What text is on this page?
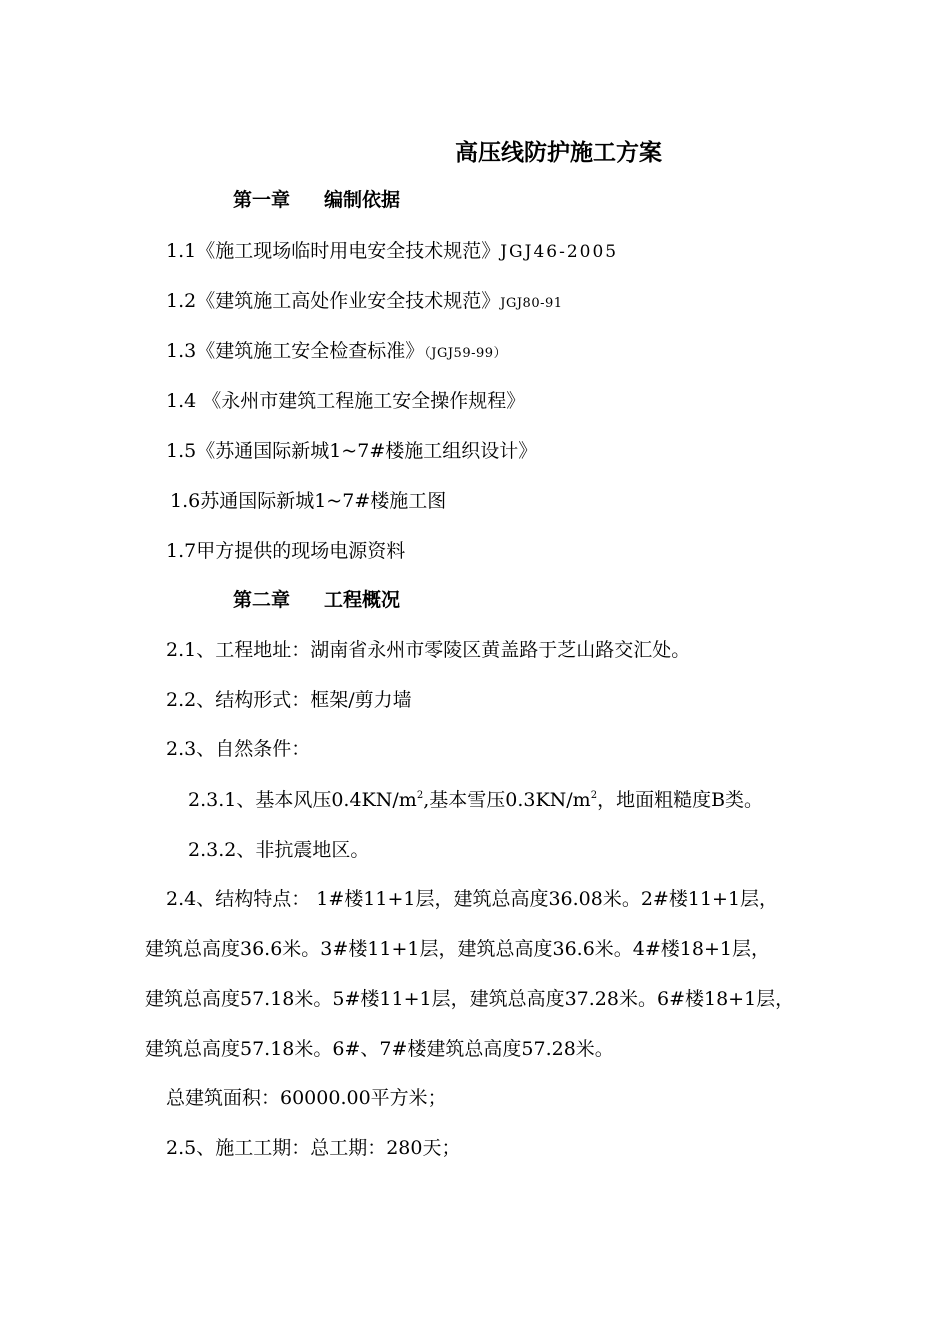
高压线防护施工方案
第一章 编制依据
1.1《施工现场临时用电安全技术规范》JGJ46-2005
1.2《建筑施工高处作业安全技术规范》JGJ80-91
1.3《建筑施工安全检查标准》（JGJ59-99）
1.4 《永州市建筑工程施工安全操作规程》
1.5《苏通国际新城1~7#楼施工组织设计》
1.6苏通国际新城1~7#楼施工图
1.7甲方提供的现场电源资料
第二章 工程概况
2.1、工程地址：湖南省永州市零陵区黄盖路于芝山路交汇处。
2.2、结构形式：框架/剪力墙
2.3、自然条件：
2.3.1、基本风压$0.4KN/m^2$,基本雪压$0.3KN/m^2$，地面粗糙度B类。
2.3.2、非抗震地区。
2.4、结构特点： 1#楼11+1层，建筑总高度36.08米。2#楼11+1层，
建筑总高度36.6米。3#楼11+1层，建筑总高度36.6米。4#楼18+1层，
建筑总高度57.18米。5#楼11+1层，建筑总高度37.28米。6#楼18+1层，
建筑总高度57.18米。6#、7#楼建筑总高度57.28米。
总建筑面积：60000.00平方米；
2.5、施工工期：总工期：280天；
